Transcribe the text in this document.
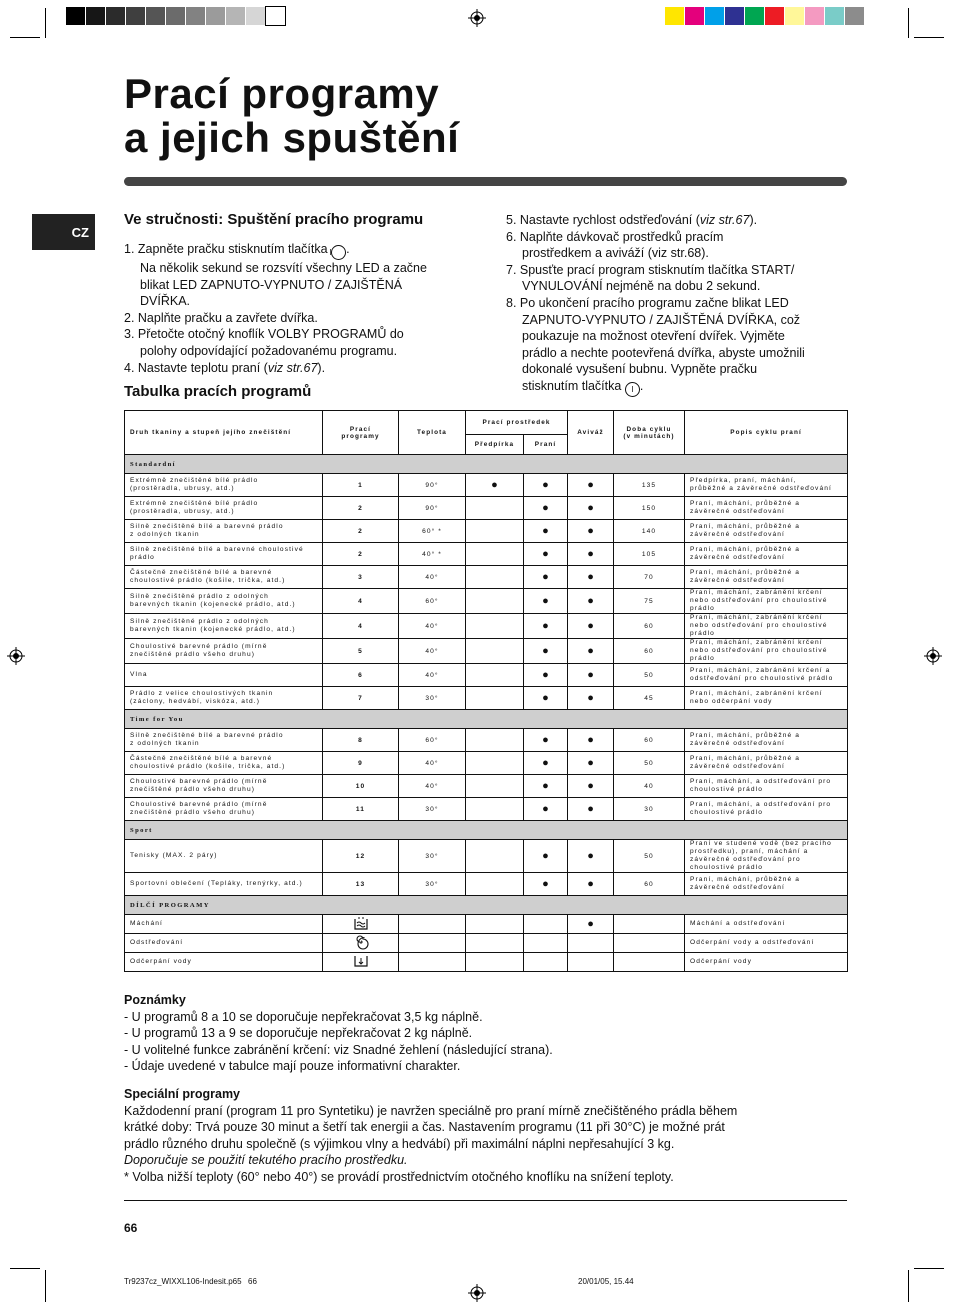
Prací programy
a jejich spuštění
CZ
Ve stručnosti: Spuštění pracího programu
1. Zapněte pračku stisknutím tlačítka I .
Na několik sekund se rozsvítí všechny LED a začne
blikat LED ZAPNUTO-VYPNUTO / ZAJIŠTĚNÁ
DVÍŘKA.
2. Naplňte pračku a zavřete dvířka.
3. Přetočte otočný knoflík VOLBY PROGRAMŮ do
polohy odpovídající požadovanému programu.
4. Nastavte teplotu praní (viz str.67).
5. Nastavte rychlost odstřeďování (viz str.67).
6. Naplňte dávkovač prostředků pracím
prostředkem a aviváží (viz str.68).
7. Spusťte prací program stisknutím tlačítka START/
VYNULOVÁNÍ nejméně na dobu 2 sekund.
8. Po ukončení pracího programu začne blikat LED
ZAPNUTO-VYPNUTO / ZAJIŠTĚNÁ DVÍŘKA, což
poukazuje na možnost otevření dvířek. Vyjměte
prádlo a nechte pootevřená dvířka, abyste umožnili
dokonalé vysušení bubnu. Vypněte pračku
stisknutím tlačítka I .
Tabulka pracích programů
Druh tkaniny a stupeň jejího znečištění	Prací
programy	Teplota	Prací prostředek		Aviváž	Doba cyklu
(v minutách)	Popis cyklu praní
			Předpírka	Praní			
Standardní							
Extrémně znečištěné bílé prádlo
(prostěradla, ubrusy, atd.)	1	90°	●	●	●	135	Předpírka, praní, máchání,
průběžné a závěrečné odstřeďování
Extrémně znečištěné bílé prádlo
(prostěradla, ubrusy, atd.)	2	90°		●	●	150	Praní, máchání, průběžné a
závěrečné odstřeďování
Silně znečištěné bílé a barevné prádlo
z odolných tkanin	2	60° *		●	●	140	Praní, máchání, průběžné a
závěrečné odstřeďování
Silně znečištěné bílé a barevné choulostivé
prádlo	2	40° *		●	●	105	Praní, máchání, průběžné a
závěrečné odstřeďování
Částečně znečištěné bílé a barevné
choulostivé prádlo (košile, trička, atd.)	3	40°		●	●	70	Praní, máchání, průběžné a
závěrečné odstřeďování
Silně znečištěné prádlo z odolných
barevných tkanin (kojenecké prádlo, atd.)	4	60°		●	●	75	Praní, máchání, zabránění krčení
nebo odstřeďování pro choulostivé
prádlo
Silně znečištěné prádlo z odolných
barevných tkanin (kojenecké prádlo, atd.)	4	40°		●	●	60	Praní, máchání, zabránění krčení
nebo odstřeďování pro choulostivé
prádlo
Choulostivé barevné prádlo (mírně
znečištěné prádlo všeho druhu)	5	40°		●	●	60	Praní, máchání, zabránění krčení
nebo odstřeďování pro choulostivé
prádlo
Vlna	6	40°		●	●	50	Praní, máchání, zabránění krčení a
odstřeďování pro choulostivé prádlo
Prádlo z velice choulostivých tkanin
(záclony, hedvábí, viskóza, atd.)	7	30°		●	●	45	Praní, máchání, zabránění krčení
nebo odčerpání vody
Time for You							
Silně znečištěné bílé a barevné prádlo
z odolných tkanin	8	60°		●	●	60	Praní, máchání, průběžné a
závěrečné odstřeďování
Částečně znečištěné bílé a barevné
choulostivé prádlo (košile, trička, atd.)	9	40°		●	●	50	Praní, máchání, průběžné a
závěrečné odstřeďování
Choulostivé barevné prádlo (mírně
znečištěné prádlo všeho druhu)	10	40°		●	●	40	Praní, máchání, a odstřeďování pro
choulostivé prádlo
Choulostivé barevné prádlo (mírně
znečištěné prádlo všeho druhu)	11	30°		●	●	30	Praní, máchání, a odstřeďování pro
choulostivé prádlo
Sport							
Tenisky (MAX. 2 páry)	12	30°		●	●	50	Praní ve studené vodě (bez pracího
prostředku), praní, máchání a
závěrečné odstřeďování pro choulostivé prádlo
Sportovní oblečení (Tepláky, trenýrky, atd.)	13	30°		●	●	60	Praní, máchání, průběžné a
závěrečné odstřeďování
DÍLČÍ PROGRAMY							
Máchání					●		Máchání a odstřeďování
Odstřeďování							Odčerpání vody a odstřeďování
Odčerpání vody							Odčerpání vody
Poznámky
- U programů 8 a 10 se doporučuje nepřekračovat 3,5 kg náplně.
- U programů 13 a 9 se doporučuje nepřekračovat 2 kg náplně.
- U volitelné funkce zabránění krčení: viz Snadné žehlení (následující strana).
- Údaje uvedené v tabulce mají pouze informativní charakter.
Speciální programy
Každodenní praní (program 11 pro Syntetiku) je navržen speciálně pro praní mírně znečištěného prádla během
krátké doby: Trvá pouze 30 minut a šetří tak energii a čas. Nastavením programu (11 při 30°C) je možné prát
prádlo různého druhu společně (s výjimkou vlny a hedvábí) při maximální náplni nepřesahující 3 kg.
Doporučuje se použití tekutého pracího prostředku.
* Volba nižší teploty (60° nebo 40°) se provádí prostřednictvím otočného knoflíku na snížení teploty.
66
Tr9237cz_WIXXL106-Indesit.p65 66	20/01/05, 15.44
